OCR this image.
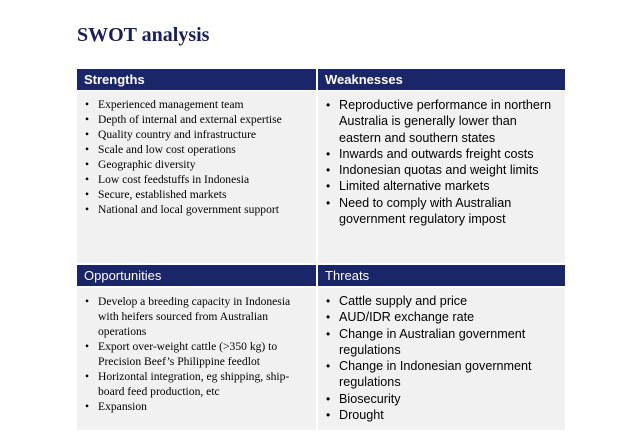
SWOT analysis
Strengths
• Experienced management team
• Depth of internal and external expertise
• Quality country and infrastructure
• Scale and low cost operations
• Geographic diversity
• Low cost feedstuffs in Indonesia
• Secure, established markets
• National and local government support
Weaknesses
• Reproductive performance in northern Australia is generally lower than eastern and southern states
• Inwards and outwards freight costs
• Indonesian quotas and weight limits
• Limited alternative markets
• Need to comply with Australian government regulatory impost
Opportunities
• Develop a breeding capacity in Indonesia with heifers sourced from Australian operations
• Export over-weight cattle (>350 kg) to Precision Beef’s Philippine feedlot
• Horizontal integration, eg shipping, ship-board feed production, etc
• Expansion
Threats
• Cattle supply and price
• AUD/IDR exchange rate
• Change in Australian government regulations
• Change in Indonesian government regulations
• Biosecurity
• Drought
